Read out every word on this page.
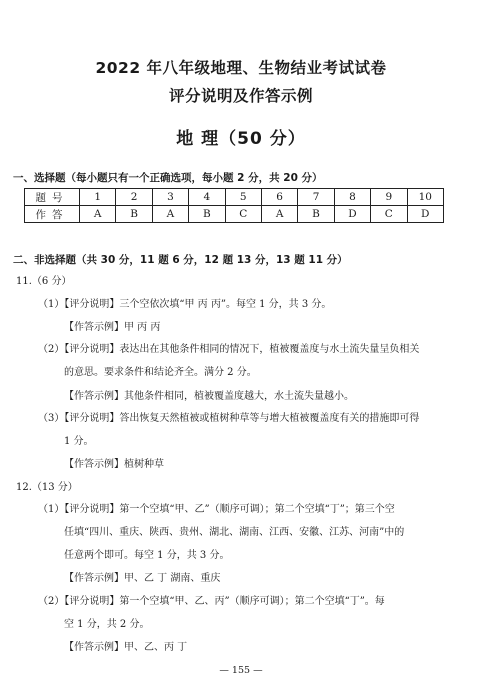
2022 年八年级地理、生物结业考试试卷
评分说明及作答示例
地 理（50 分）
一、选择题（每小题只有一个正确选项，每小题 2 分，共 20 分）
题号	1	2	3	4	5	6	7	8	9	10
作答	A	B	A	B	C	A	B	D	C	D
二、非选择题（共 30 分，11 题 6 分，12 题 13 分，13 题 11 分）
11.（6 分）
（1）【评分说明】三个空依次填“甲 丙 丙”。每空 1 分，共 3 分。
【作答示例】甲 丙 丙
（2）【评分说明】表达出在其他条件相同的情况下，植被覆盖度与水土流失量呈负相关
的意思。要求条件和结论齐全。满分 2 分。
【作答示例】其他条件相同，植被覆盖度越大，水土流失量越小。
（3）【评分说明】答出恢复天然植被或植树种草等与增大植被覆盖度有关的措施即可得
1 分。
【作答示例】植树种草
12.（13 分）
（1）【评分说明】第一个空填“甲、乙”（顺序可调）；第二个空填“丁”；第三个空
任填“四川、重庆、陕西、贵州、湖北、湖南、江西、安徽、江苏、河南”中的
任意两个即可。每空 1 分，共 3 分。
【作答示例】甲、乙 丁 湖南、重庆
（2）【评分说明】第一个空填“甲、乙、丙”（顺序可调）；第二个空填“丁”。每
空 1 分，共 2 分。
【作答示例】甲、乙、丙 丁
— 155 —
